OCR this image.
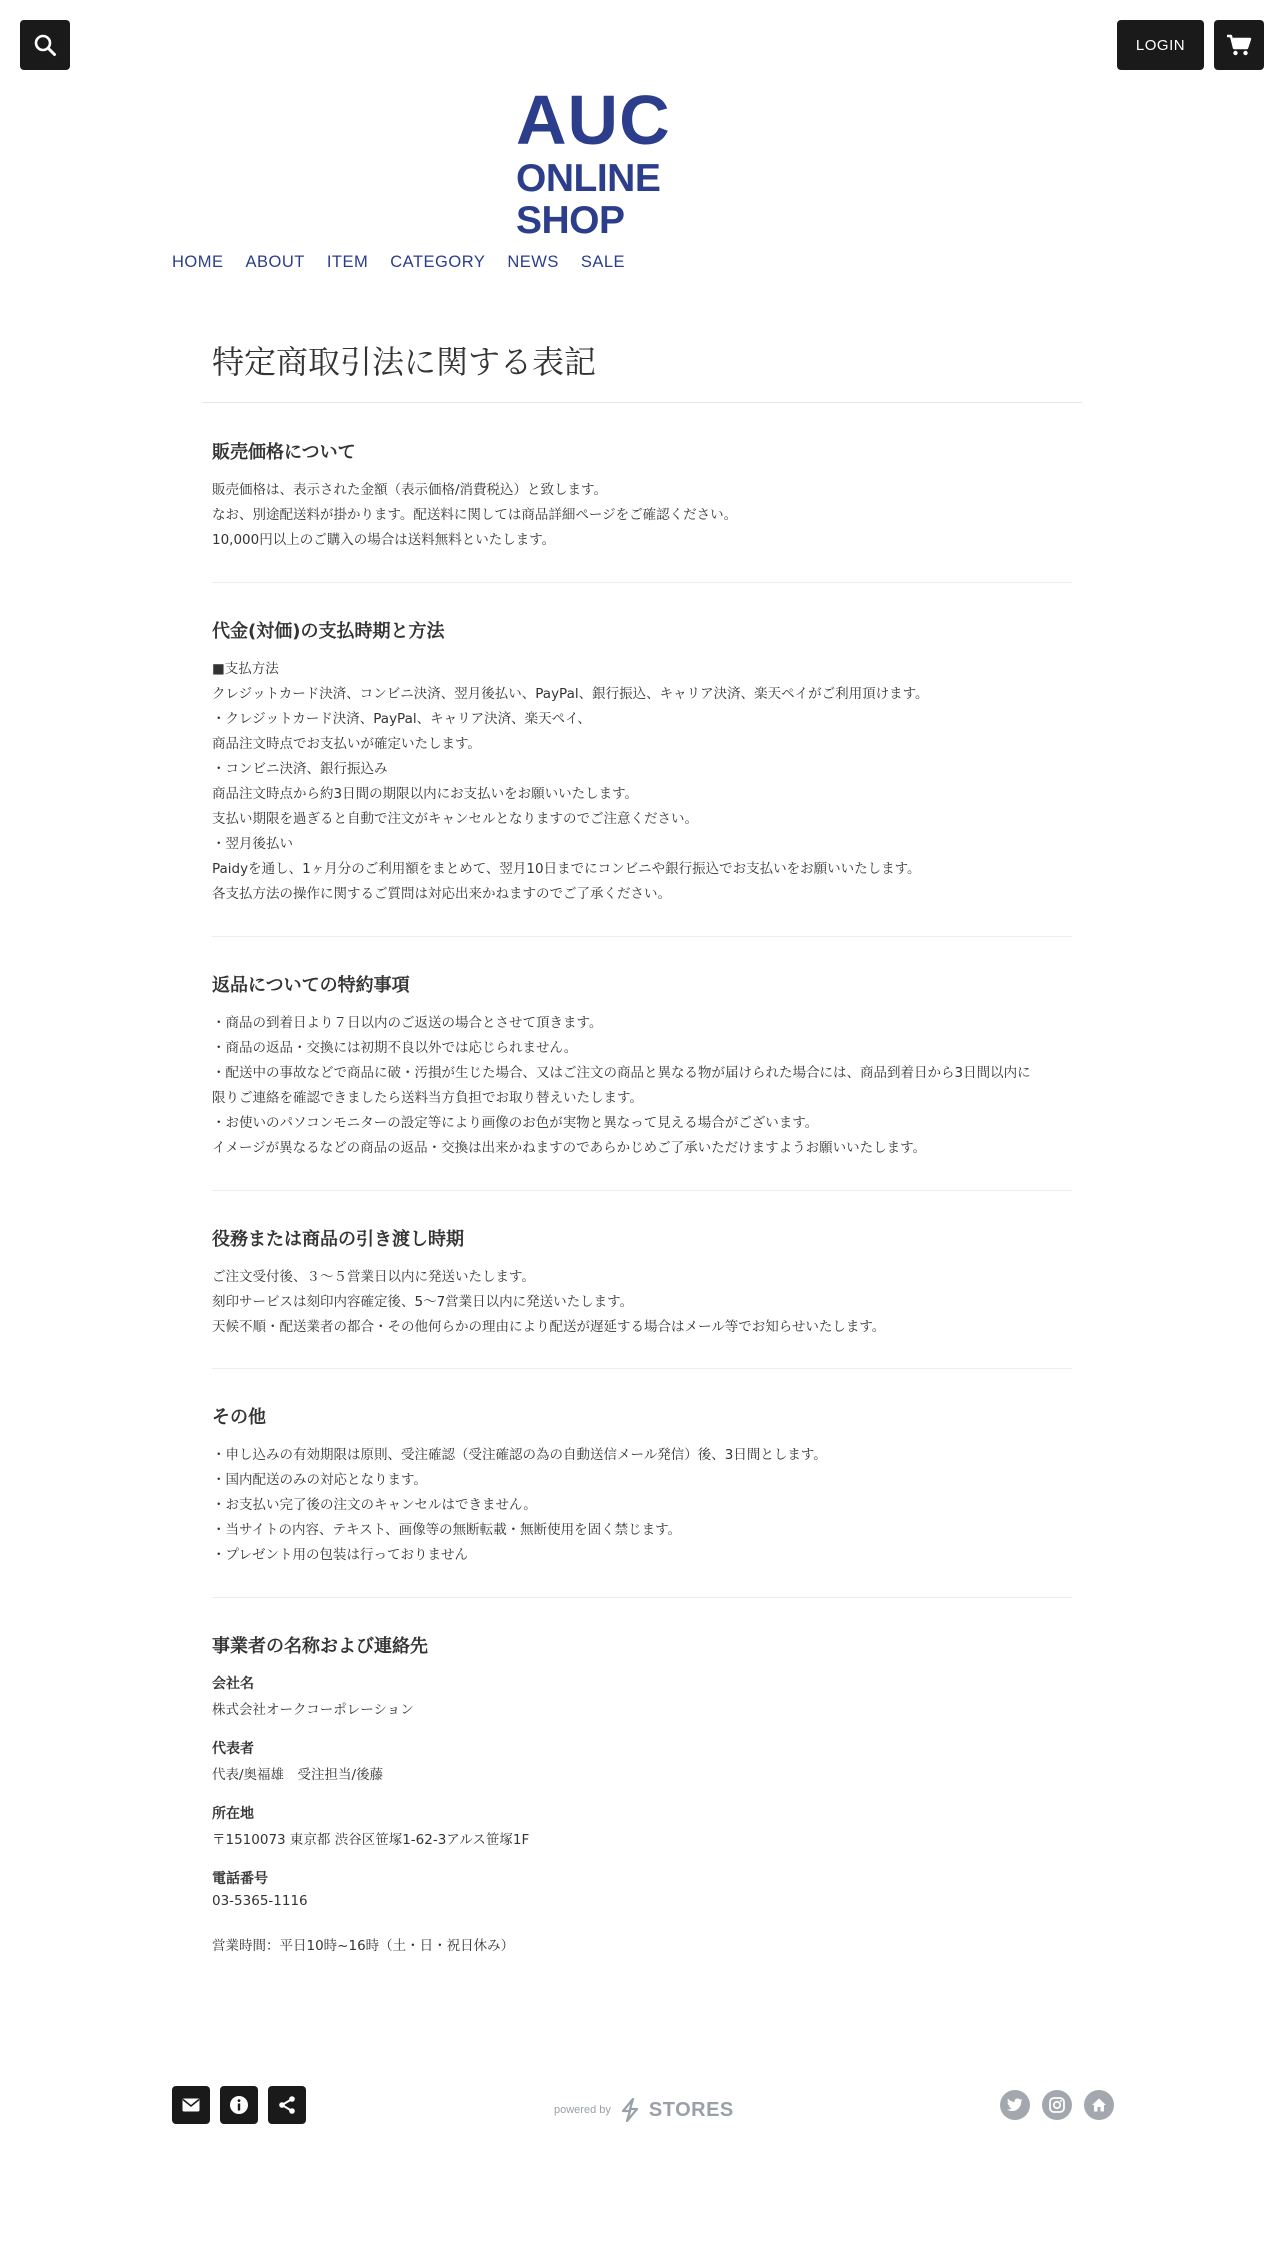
LOGIN
AUC
ONLINE SHOP
HOME ABOUT ITEM CATEGORY NEWS SALE
特定商取引法に関する表記
販売価格について
販売価格は、表示された金額（表示価格/消費税込）と致します。
なお、別途配送料が掛かります。配送料に関しては商品詳細ページをご確認ください。
10,000円以上のご購入の場合は送料無料といたします。
代金(対価)の支払時期と方法
■支払方法
クレジットカード決済、コンビニ決済、翌月後払い、PayPal、銀行振込、キャリア決済、楽天ペイがご利用頂けます。
・クレジットカード決済、PayPal、キャリア決済、楽天ペイ、
商品注文時点でお支払いが確定いたします。
・コンビニ決済、銀行振込み
商品注文時点から約3日間の期限以内にお支払いをお願いいたします。
支払い期限を過ぎると自動で注文がキャンセルとなりますのでご注意ください。
・翌月後払い
Paidyを通し、1ヶ月分のご利用額をまとめて、翌月10日までにコンビニや銀行振込でお支払いをお願いいたします。
各支払方法の操作に関するご質問は対応出来かねますのでご了承ください。
返品についての特約事項
・商品の到着日より７日以内のご返送の場合とさせて頂きます。
・商品の返品・交換には初期不良以外では応じられません。
・配送中の事故などで商品に破・汚損が生じた場合、又はご注文の商品と異なる物が届けられた場合には、商品到着日から3日間以内に
限りご連絡を確認できましたら送料当方負担でお取り替えいたします。
・お使いのパソコンモニターの設定等により画像のお色が実物と異なって見える場合がございます。
イメージが異なるなどの商品の返品・交換は出来かねますのであらかじめご了承いただけますようお願いいたします。
役務または商品の引き渡し時期
ご注文受付後、３～５営業日以内に発送いたします。
刻印サービスは刻印内容確定後、5～7営業日以内に発送いたします。
天候不順・配送業者の都合・その他何らかの理由により配送が遅延する場合はメール等でお知らせいたします。
その他
・申し込みの有効期限は原則、受注確認（受注確認の為の自動送信メール発信）後、3日間とします。
・国内配送のみの対応となります。
・お支払い完了後の注文のキャンセルはできません。
・当サイトの内容、テキスト、画像等の無断転載・無断使用を固く禁じます。
・プレゼント用の包装は行っておりません
事業者の名称および連絡先
会社名
株式会社オークコーポレーション
代表者
代表/奥福雄　受注担当/後藤
所在地
〒1510073 東京都 渋谷区笹塚1-62-3アルス笹塚1F
電話番号
03-5365-1116
営業時間：平日10時~16時（土・日・祝日休み）
powered by STORES
